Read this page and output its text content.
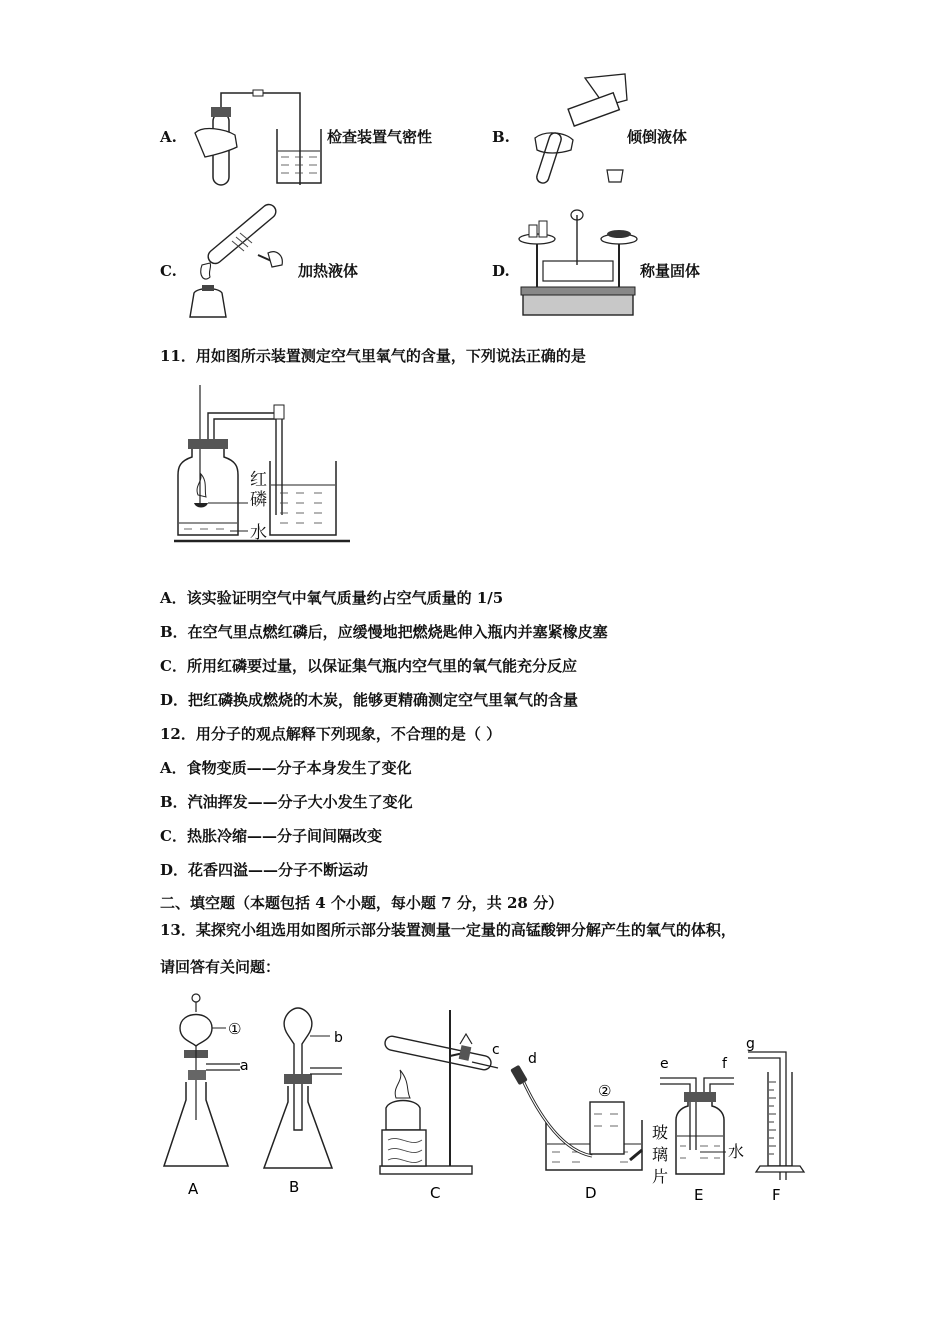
A.	检查装置气密性	B.	倾倒液体
C.	加热液体	D.	称量固体
11．用如图所示装置测定空气里氧气的含量，下列说法正确的是
红磷
水
A．该实验证明空气中氧气质量约占空气质量的 1/5
B．在空气里点燃红磷后，应缓慢地把燃烧匙伸入瓶内并塞紧橡皮塞
C．所用红磷要过量，以保证集气瓶内空气里的氧气能充分反应
D．把红磷换成燃烧的木炭，能够更精确测定空气里氧气的含量
12．用分子的观点解释下列现象，不合理的是（ ）
A．食物变质——分子本身发生了变化
B．汽油挥发——分子大小发生了变化
C．热胀冷缩——分子间间隔改变
D．花香四溢——分子不断运动
二、填空题（本题包括 4 个小题，每小题 7 分，共 28 分）
13．某探究小组选用如图所示部分装置测量一定量的高锰酸钾分解产生的氧气的体积，
请回答有关问题：
①
a
A
b
B
c
C
d
②
D
玻
璃
片
e	f
水
E
g
F
